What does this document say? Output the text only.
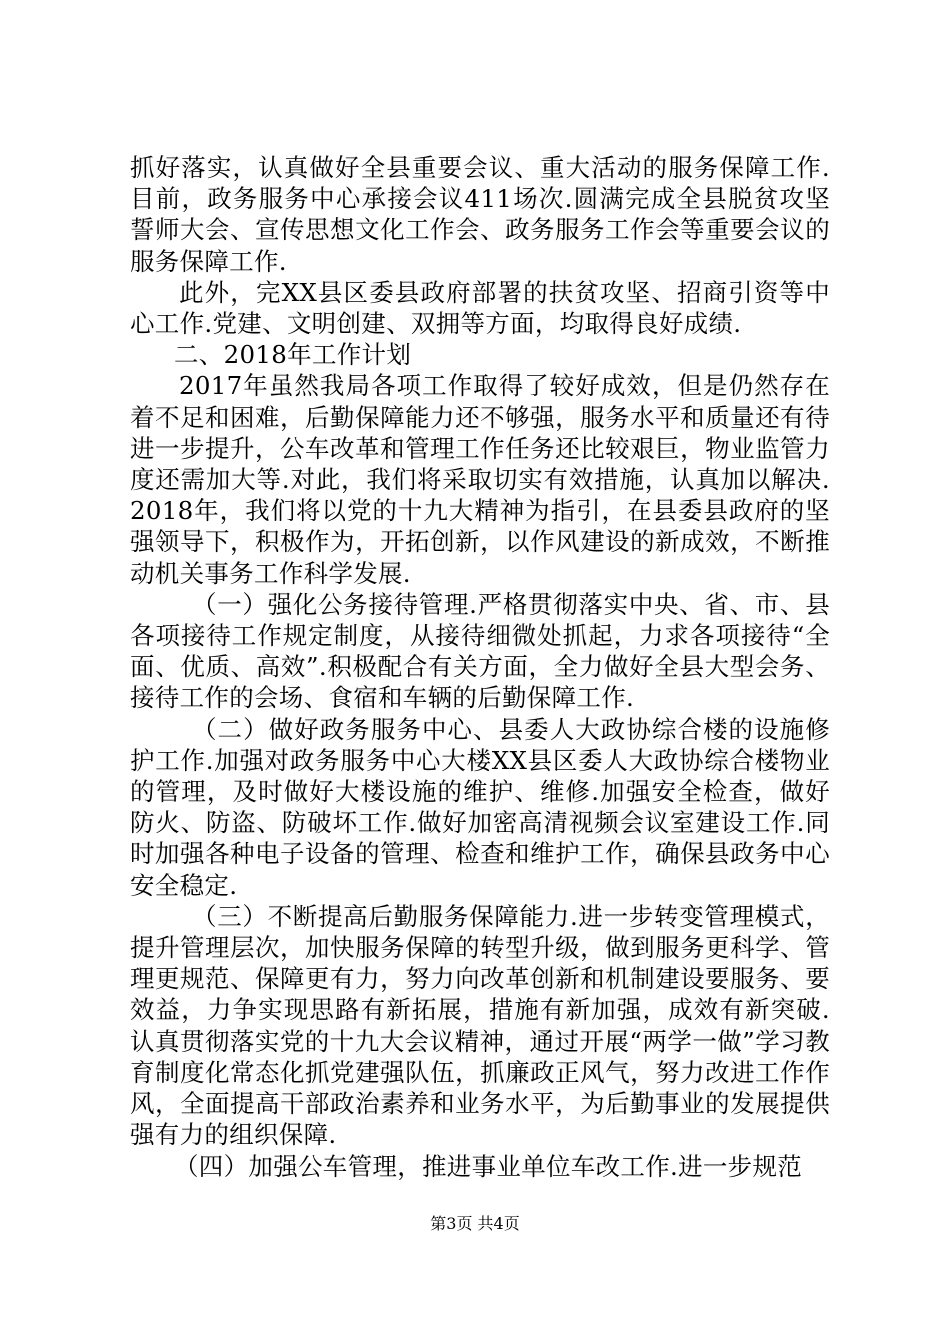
抓好落实，认真做好全县重要会议、重大活动的服务保障工作.目前，政务服务中心承接会议411场次.圆满完成全县脱贫攻坚誓师大会、宣传思想文化工作会、政务服务工作会等重要会议的服务保障工作.

此外，完XX县区委县政府部署的扶贫攻坚、招商引资等中心工作.党建、文明创建、双拥等方面，均取得良好成绩.

二、2018年工作计划

2017年虽然我局各项工作取得了较好成效，但是仍然存在着不足和困难，后勤保障能力还不够强，服务水平和质量还有待进一步提升，公车改革和管理工作任务还比较艰巨，物业监管力度还需加大等.对此，我们将采取切实有效措施，认真加以解决.2018年，我们将以党的十九大精神为指引，在县委县政府的坚强领导下，积极作为，开拓创新，以作风建设的新成效，不断推动机关事务工作科学发展.

（一）强化公务接待管理.严格贯彻落实中央、省、市、县各项接待工作规定制度，从接待细微处抓起，力求各项接待“全面、优质、高效”.积极配合有关方面，全力做好全县大型会务、接待工作的会场、食宿和车辆的后勤保障工作.

（二）做好政务服务中心、县委人大政协综合楼的设施修护工作.加强对政务服务中心大楼XX县区委人大政协综合楼物业的管理，及时做好大楼设施的维护、维修.加强安全检查，做好防火、防盗、防破坏工作.做好加密高清视频会议室建设工作.同时加强各种电子设备的管理、检查和维护工作，确保县政务中心安全稳定.

（三）不断提高后勤服务保障能力.进一步转变管理模式，提升管理层次，加快服务保障的转型升级，做到服务更科学、管理更规范、保障更有力，努力向改革创新和机制建设要服务、要效益，力争实现思路有新拓展，措施有新加强，成效有新突破.认真贯彻落实党的十九大会议精神，通过开展“两学一做”学习教育制度化常态化抓党建强队伍，抓廉政正风气，努力改进工作作风，全面提高干部政治素养和业务水平，为后勤事业的发展提供强有力的组织保障.

（四）加强公车管理，推进事业单位车改工作.进一步规范

第3页 共4页
